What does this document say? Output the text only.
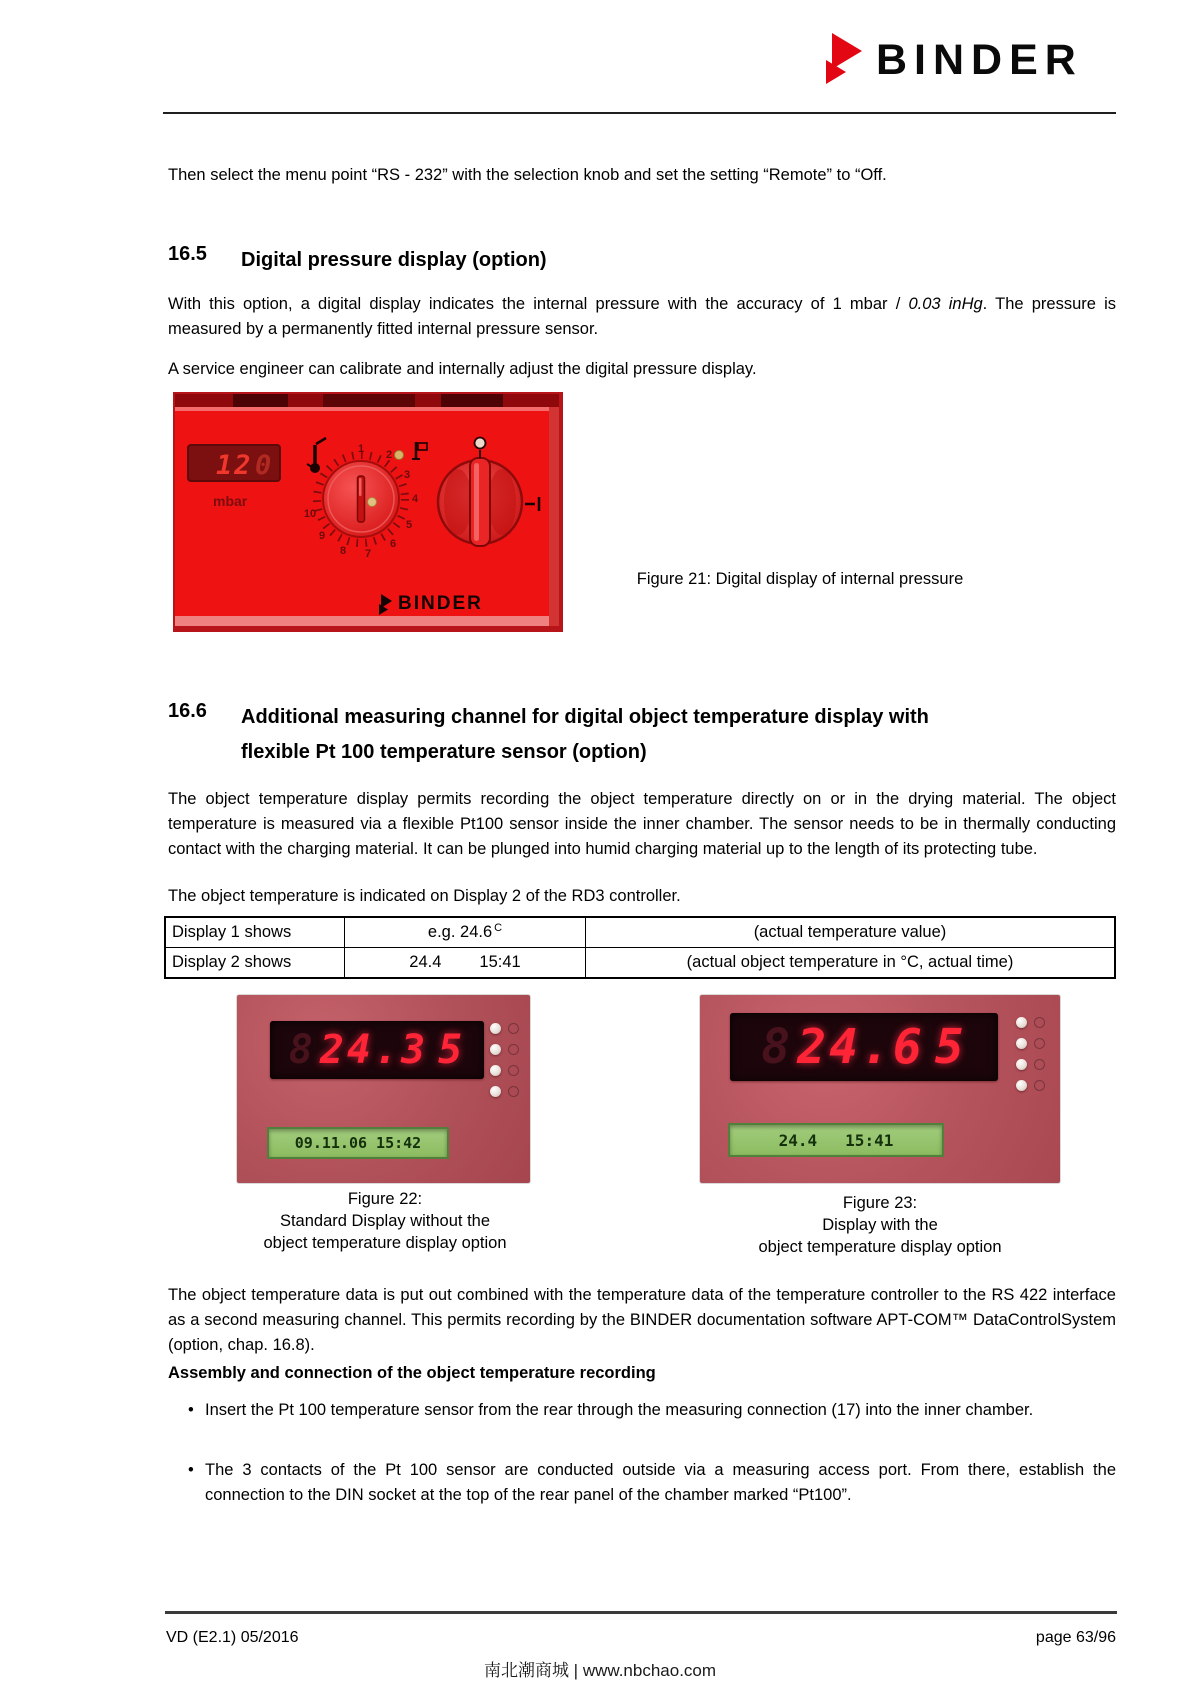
BINDER

Then select the menu point “RS - 232” with the selection knob and set the setting “Remote” to “Off.

16.5	Digital pressure display (option)

With this option, a digital display indicates the internal pressure with the accuracy of 1 mbar / 0.03 inHg. The pressure is measured by a permanently fitted internal pressure sensor.

A service engineer can calibrate and internally adjust the digital pressure display.

12 0
mbar
1 2
3
4
5
6
7
8
9
10
BINDER

Figure 21: Digital display of internal pressure

16.6	Additional measuring channel for digital object temperature display with
flexible Pt 100 temperature sensor (option)

The object temperature display permits recording the object temperature directly on or in the drying material. The object temperature is measured via a flexible Pt100 sensor inside the inner chamber. The sensor needs to be in thermally conducting contact with the charging material. It can be plunged into humid charging material up to the length of its protecting tube.

The object temperature is indicated on Display 2 of the RD3 controller.

Display 1 shows	e.g. 24.6 $^C$	(actual temperature value)
Display 2 shows	24.4 15:41	(actual object temperature in °C, actual time)
8 24.3 5
09.11.06 15:42
8 24.6 5
24.4 15:41
Figure 22:
Standard Display without the
object temperature display option
Figure 23:
Display with the
object temperature display option

The object temperature data is put out combined with the temperature data of the temperature controller to the RS 422 interface as a second measuring channel. This permits recording by the BINDER documentation software APT-COM™ DataControlSystem (option, chap. 16.8).

Assembly and connection of the object temperature recording

• Insert the Pt 100 temperature sensor from the rear through the measuring connection (17) into the inner chamber.
• The 3 contacts of the Pt 100 sensor are conducted outside via a measuring access port. From there, establish the connection to the DIN socket at the top of the rear panel of the chamber marked “Pt100”.
VD (E2.1) 05/2016	page 63/96
南北潮商城 | www.nbchao.com
